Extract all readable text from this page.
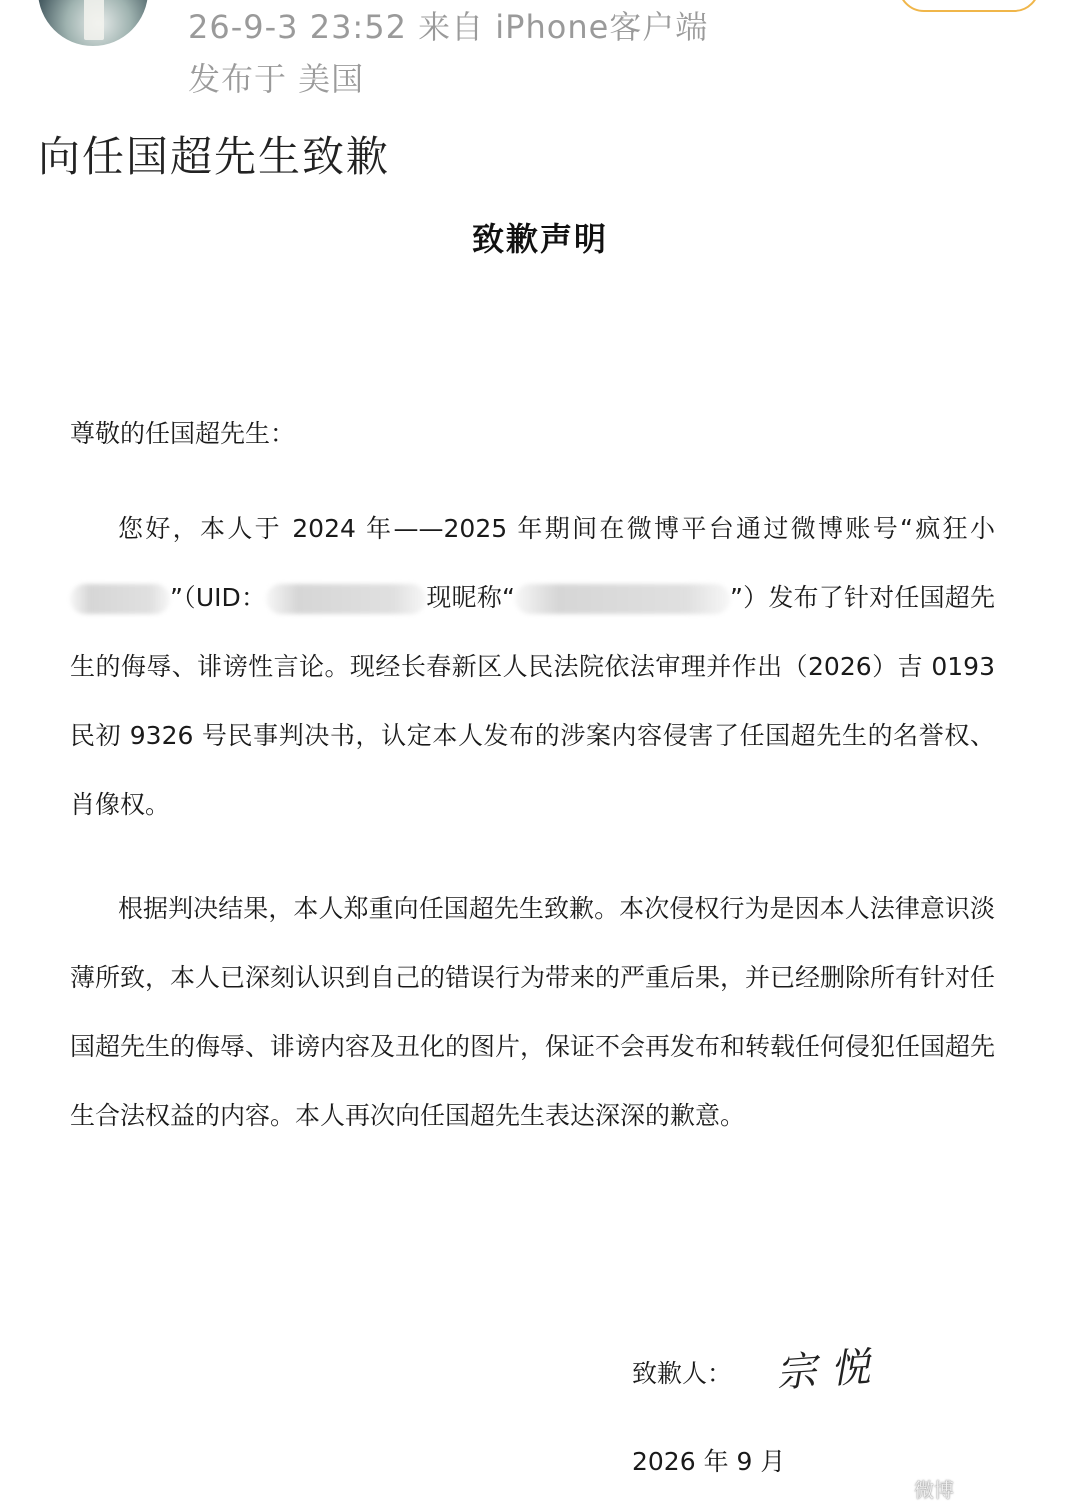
26-9-3 23:52 来自 iPhone客户端
发布于 美国
向任国超先生致歉
致歉声明
尊敬的任国超先生：

您好，本人于 2024 年——2025 年期间在微博平台通过微博账号“疯狂小”（UID：	现昵称“	”）发布了针对任国超先生的侮辱、诽谤性言论。现经长春新区人民法院依法审理并作出（2026）吉 0193 民初 9326 号民事判决书，认定本人发布的涉案内容侵害了任国超先生的名誉权、肖像权。

根据判决结果，本人郑重向任国超先生致歉。本次侵权行为是因本人法律意识淡薄所致，本人已深刻认识到自己的错误行为带来的严重后果，并已经删除所有针对任国超先生的侮辱、诽谤内容及丑化的图片，保证不会再发布和转载任何侵犯任国超先生合法权益的内容。本人再次向任国超先生表达深深的歉意。

致歉人： 宗悦
2026 年 9 月
微博
